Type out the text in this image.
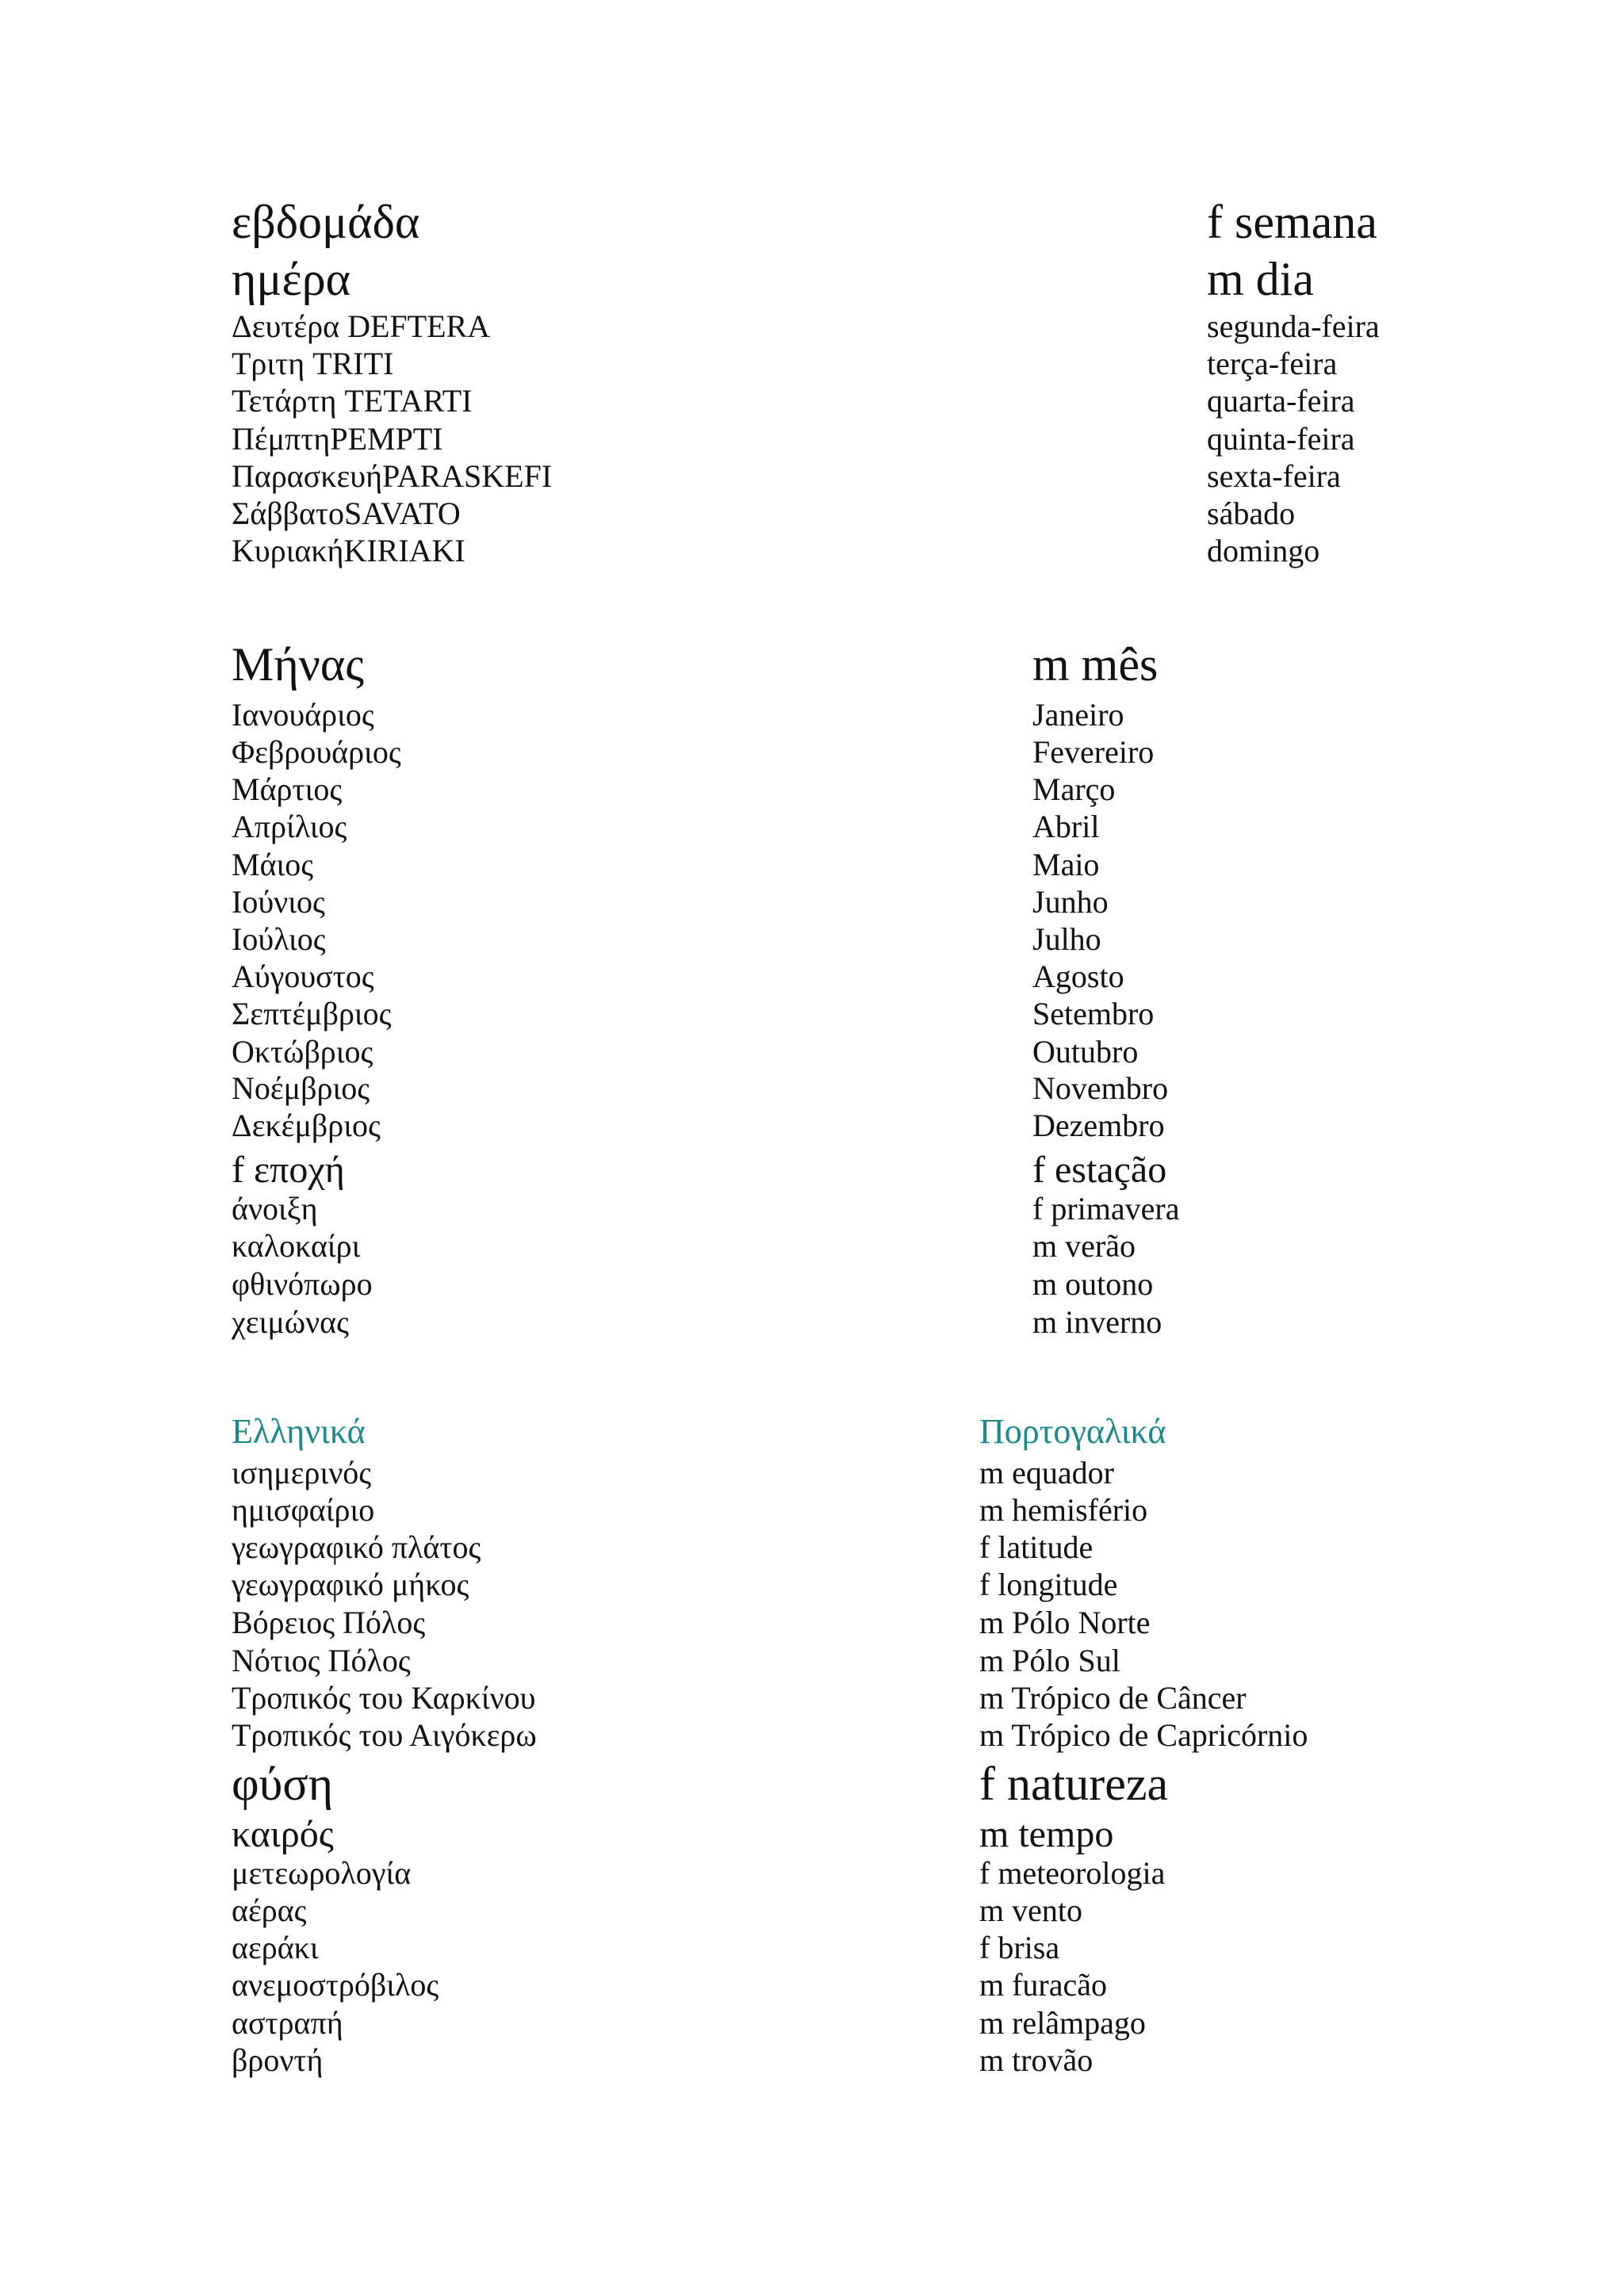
εβδομάδα	f semana
ημέρα	m dia
Δευτέρα DEFTERA	segunda-feira
Τριτη TRITI	terça-feira
Τετάρτη TETARTI	quarta-feira
ΠέμπτηPEMPTI	quinta-feira
ΠαρασκευήPARASKEFI	sexta-feira
ΣάββατοSAVATO	sábado
ΚυριακήKIRIAKI	domingo
Μήνας	m mês
Ιανουάριος	Janeiro
Φεβρουάριος	Fevereiro
Μάρτιος	Março
Απρίλιος	Abril
Μάιος	Maio
Ιούνιος	Junho
Ιούλιος	Julho
Αύγουστος	Agosto
Σεπτέμβριος	Setembro
Οκτώβριος	Outubro
Νοέμβριος	Novembro
Δεκέμβριος	Dezembro
f εποχή	f estação
άνοιξη	f primavera
καλοκαίρι	m verão
φθινόπωρο	m outono
χειμώνας	m inverno
Ελληνικά	Πορτογαλικά
ισημερινός	m equador
ημισφαίριο	m hemisfério
γεωγραφικό πλάτος	f latitude
γεωγραφικό μήκος	f longitude
Βόρειος Πόλος	m Pólo Norte
Νότιος Πόλος	m Pólo Sul
Τροπικός του Καρκίνου	m Trópico de Câncer
Τροπικός του Αιγόκερω	m Trópico de Capricórnio
φύση	f natureza
καιρός	m tempo
μετεωρολογία	f meteorologia
αέρας	m vento
αεράκι	f brisa
ανεμοστρόβιλος	m furacão
αστραπή	m relâmpago
βροντή	m trovão
